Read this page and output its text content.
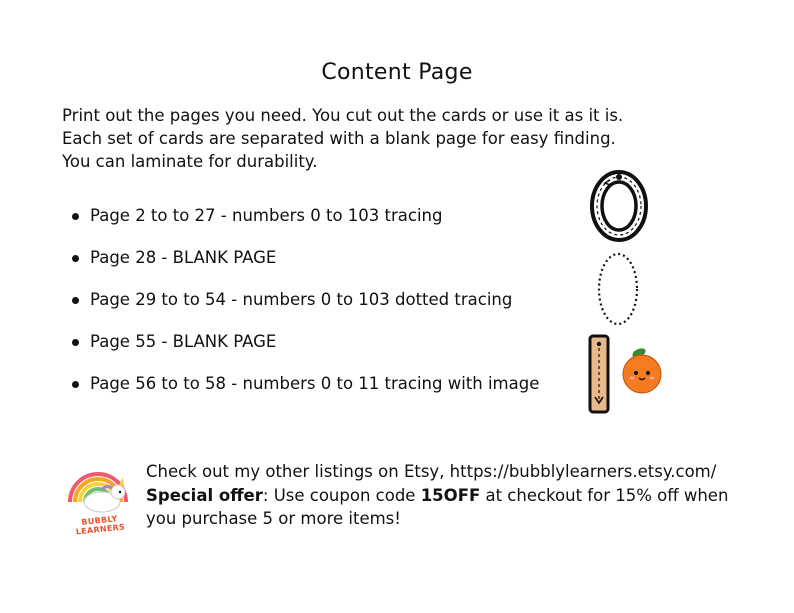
Content Page
Print out the pages you need. You cut out the cards or use it as it is.
Each set of cards are separated with a blank page for easy finding.
You can laminate for durability.
Page 2 to to 27 - numbers 0 to 103 tracing
Page 28 - BLANK PAGE
Page 29 to to 54 - numbers 0 to 103 dotted tracing
Page 55 - BLANK PAGE
Page 56 to to 58 - numbers 0 to 11 tracing with image
BUBBLY LEARNERS
Check out my other listings on Etsy, https://bubblylearners.etsy.com/
Special offer: Use coupon code 15OFF at checkout for 15% off when
you purchase 5 or more items!
